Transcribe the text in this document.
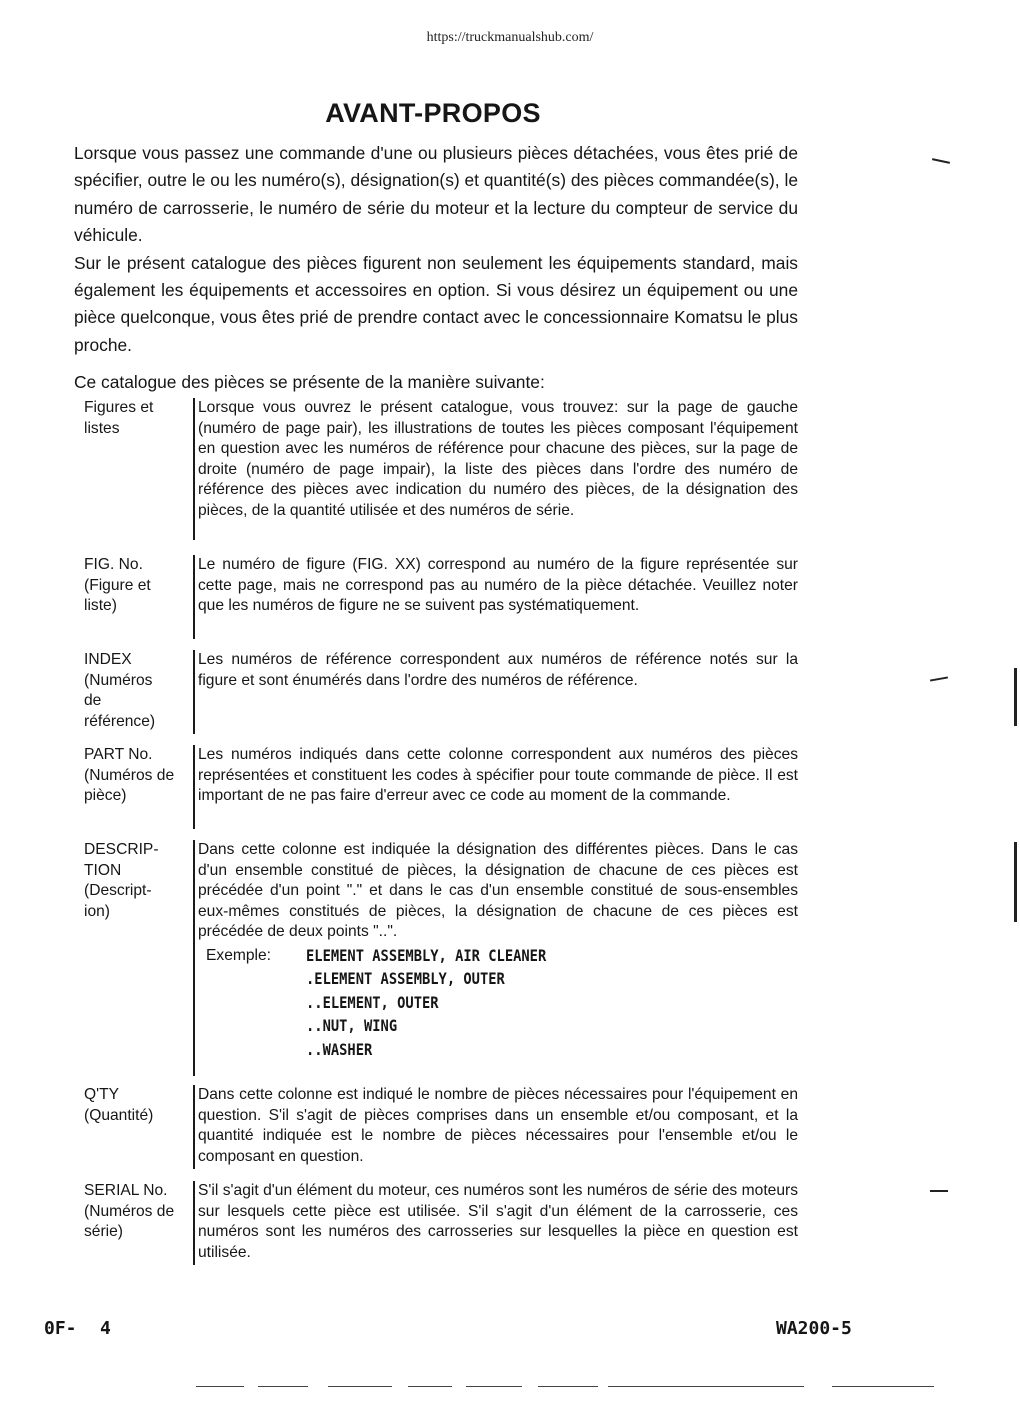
https://truckmanualshub.com/
AVANT-PROPOS

Lorsque vous passez une commande d'une ou plusieurs pièces détachées, vous êtes prié de spécifier, outre le ou les numéro(s), désignation(s) et quantité(s) des pièces commandée(s), le numéro de carrosserie, le numéro de série du moteur et la lecture du compteur de service du véhicule.

Sur le présent catalogue des pièces figurent non seulement les équipements standard, mais également les équipements et accessoires en option. Si vous désirez un équipement ou une pièce quelconque, vous êtes prié de prendre contact avec le concessionnaire Komatsu le plus proche.

Ce catalogue des pièces se présente de la manière suivante:
Figures et listes

Lorsque vous ouvrez le présent catalogue, vous trouvez: sur la page de gauche (numéro de page pair), les illustrations de toutes les pièces composant l'équipement en question avec les numéros de référence pour chacune des pièces, sur la page de droite (numéro de page impair), la liste des pièces dans l'ordre des numéro de référence des pièces avec indication du numéro des pièces, de la désignation des pièces, de la quantité utilisée et des numéros de série.

FIG. No. (Figure et liste)

Le numéro de figure (FIG. XX) correspond au numéro de la figure représentée sur cette page, mais ne correspond pas au numéro de la pièce détachée. Veuillez noter que les numéros de figure ne se suivent pas systématiquement.

INDEX (Numéros de référence)

Les numéros de référence correspondent aux numéros de référence notés sur la figure et sont énumérés dans l'ordre des numéros de référence.

PART No. (Numéros de pièce)

Les numéros indiqués dans cette colonne correspondent aux numéros des pièces représentées et constituent les codes à spécifier pour toute commande de pièce. Il est important de ne pas faire d'erreur avec ce code au moment de la commande.

DESCRIP- TION (Descript- ion)

Dans cette colonne est indiquée la désignation des différentes pièces. Dans le cas d'un ensemble constitué de pièces, la désignation de chacune de ces pièces est précédée d'un point "." et dans le cas d'un ensemble constitué de sous-ensembles eux-mêmes constitués de pièces, la désignation de chacune de ces pièces est précédée de deux points "..".

Exemple: ELEMENT ASSEMBLY, AIR CLEANER
.ELEMENT ASSEMBLY, OUTER
..ELEMENT, OUTER
..NUT, WING
..WASHER
Q'TY (Quantité)

Dans cette colonne est indiqué le nombre de pièces nécessaires pour l'équipement en question. S'il s'agit de pièces comprises dans un ensemble et/ou composant, et la quantité indiquée est le nombre de pièces nécessaires pour l'ensemble et/ou le composant en question.

SERIAL No. (Numéros de série)

S'il s'agit d'un élément du moteur, ces numéros sont les numéros de série des moteurs sur lesquels cette pièce est utilisée. S'il s'agit d'un élément de la carrosserie, ces numéros sont les numéros des carrosseries sur lesquelles la pièce en question est utilisée.

0F- 4	WA200-5
